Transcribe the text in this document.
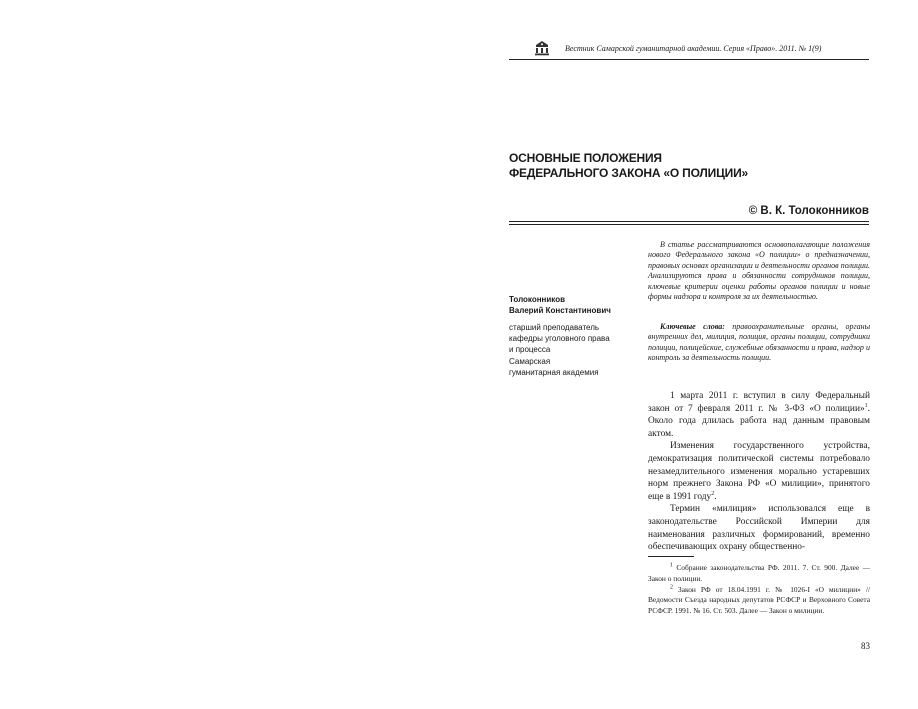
Вестник Самарской гуманитарной академии. Серия «Право». 2011. № 1(9)
ОСНОВНЫЕ ПОЛОЖЕНИЯ
ФЕДЕРАЛЬНОГО ЗАКОНА «О ПОЛИЦИИ»
© В. К. Толоконников
Толоконников
Валерий Константинович
старший преподаватель
кафедры уголовного права
и процесса
Самарская
гуманитарная академия
В статье рассматриваются основополагающие положения нового Федерального закона «О полиции» о предназначении, правовых основах организации и деятельности органов полиции. Анализируются права и обязанности сотрудников полиции, ключевые критерии оценки работы органов полиции и новые формы надзора и контроля за их деятельностью.
Ключевые слова: правоохранительные органы, органы внутренних дел, милиция, полиция, органы полиции, сотрудники полиции, полицейские, служебные обязанности и права, надзор и контроль за деятельность полиции.

1 марта 2011 г. вступил в силу Федеральный закон от 7 февраля 2011 г. № 3-ФЗ «О полиции»$^1$. Около года длилась работа над данным правовым актом.

Изменения государственного устройства, демократизация политической системы потребовало незамедлительного изменения морально устаревших норм прежнего Закона РФ «О милиции», принятого еще в 1991 году$^2$.

Термин «милиция» использовался еще в законодательстве Российской Империи для наименования различных формирований, временно обеспечивающих охрану общественно-

$^1$ Собрание законодательства РФ. 2011. 7. Ст. 900. Далее — Закон о полиции.

$^2$ Закон РФ от 18.04.1991 г. № 1026-I «О милиции» // Ведомости Съезда народных депутатов РСФСР и Верховного Совета РСФСР. 1991. № 16. Ст. 503. Далее — Закон о милиции.

83
